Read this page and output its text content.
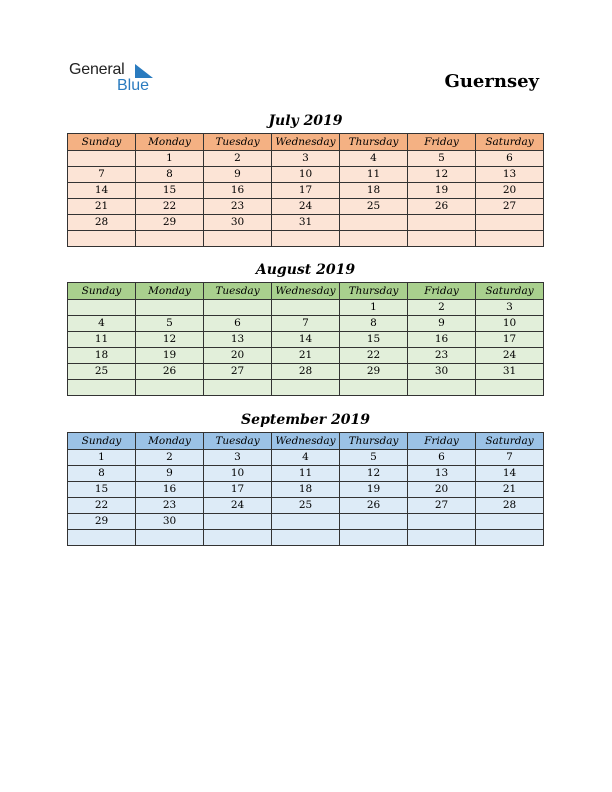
General
Blue	Guernsey
July 2019
Sunday	Monday	Tuesday	Wednesday	Thursday	Friday	Saturday
	1	2	3	4	5	6
7	8	9	10	11	12	13
14	15	16	17	18	19	20
21	22	23	24	25	26	27
28	29	30	31			

August 2019
Sunday	Monday	Tuesday	Wednesday	Thursday	Friday	Saturday
				1	2	3
4	5	6	7	8	9	10
11	12	13	14	15	16	17
18	19	20	21	22	23	24
25	26	27	28	29	30	31

September 2019
Sunday	Monday	Tuesday	Wednesday	Thursday	Friday	Saturday
1	2	3	4	5	6	7
8	9	10	11	12	13	14
15	16	17	18	19	20	21
22	23	24	25	26	27	28
29	30					
